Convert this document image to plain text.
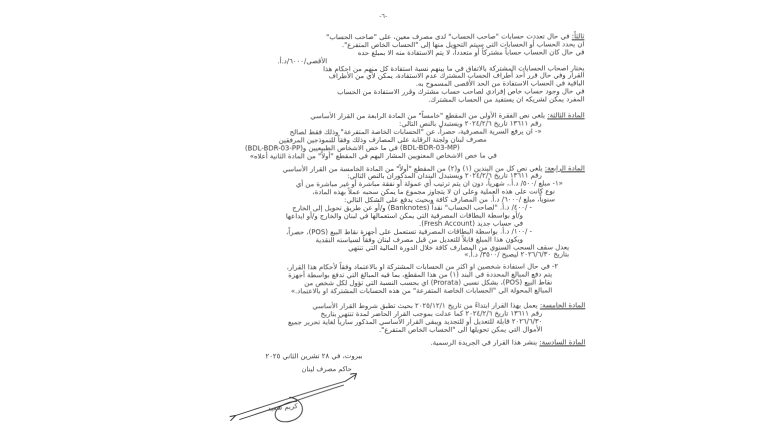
-٦-
ثالثاً: في حال تعددت حسابات "صاحب الحساب" لدى مصرف معين، على "صاحب الحساب"
ان يحدد الحساب أو الحسابات التي سيتم التحويل منها إلى "الحساب الخاص المتفرع".
في حال كان الحساب حساباً مشتركاً أو متعدداً، لا يتم الاستفادة منه الا بمبلغ حده
الأقصى/٦٠٠٠/د.أ.
يختار اصحاب الحسابات المشتركة بالاتفاق في ما بينهم نسبة استفادة كل منهم من احكام هذا
القرار وفي حال قرر أحد أطراف الحساب المشترك عدم الاستفادة، يمكن لأي من الأطراف
الباقية في الحساب الاستفادة من الحد الأقصى المسموح به.
في حال وجود حساب خاص إفرادي لصاحب حساب مشترك وقرر الاستفادة من الحساب
المفرد يمكن لشريكه ان يستفيد من الحساب المشترك.
المادة الثالثة: يلغى نص الفقرة الأولى من المقطع "خامساً" من المادة الرابعة من القرار الأساسي
رقم ١٣٦١١ تاريخ ٢٠٢٤/٢/٦ ويستبدل بالنص التالي:
«- ان يرفع السرية المصرفية، حصراً، عن "الحسابات الخاصة المتفرعة" وذلك فقط لصالح
مصرف لبنان ولجنة الرقابة على المصارف وذلك وفقاً للنموذجين المرفقين
(BDL-BDR-03-MP) في ما خص الاشخاص الطبيعيين و(BDL-BDR-03-PP)
في ما خص الاشخاص المعنويين المشار اليهم في المقطع "أولاً" من المادة الثانية أعلاه»
المادة الرابعة: يلغى نص كل من البندين (١) و(٢) من المقطع "أولاً" من المادة الخامسة من القرار الأساسي
رقم ١٣٦١١ تاريخ ٢٠٢٤/٢/٦ ويستبدل البندان المذكوران بالنص التالي:
«١- مبلغ /٥٠٠/ د.أ.، شهرياً، دون ان يتم ترتيب أي عمولة أو نفقة مباشرة أو غير مباشرة من أي
نوع كانت على هذه العملية وعلى ان لا يتجاوز مجموع ما يمكن سحبه عملاً بهذه المادة،
سنوياً، مبلغ /٦٠٠٠/ د.أ. من المصارف كافة وبحيث يدفع على الشكل التالي:
- /٤٠٠/ د.أ. "لصاحب الحساب" نقداً (Banknotes) و/أو عن طريق تحويل إلى الخارج
و/أو بواسطة البطاقات المصرفية التي يمكن استعمالها في لبنان والخارج و/أو ايداعها
في حساب جديد (Fresh Account).
- /١٠٠/ د.أ. بواسطة البطاقات المصرفية تستعمل على أجهزة نقاط البيع (POS)، حصراً،
ويكون هذا المبلغ قابلاً للتعديل من قبل مصرف لبنان وفقاً لسياسته النقدية
يعدل سقف السحب السنوي من المصارف كافة خلال الدورة المالية التي تنتهي
بتاريخ ٢٠٢٦/٦/٣٠ ليصبح /٣٥٠٠/ د.أ.»
٢- في حال استفادة شخصين او اكثر من الحسابات المشتركة او بالاعتماد وفقاً لأحكام هذا القرار،
يتم دفع المبالغ المحددة في البند (١) من هذا المقطع، بما فيه المبالغ التي تدفع بواسطة أجهزة
نقاط البيع (POS)، بشكل نسبي (Prorata) اي بحسب النسبة التي تؤول لكل شخص من
المبالغ المحولة الى "الحسابات الخاصة المتفرعة" من هذه الحسابات المشتركة او بالاعتماد.»
المادة الخامسة: يعمل بهذا القرار ابتداءً من تاريخ ٢٠٢٥/١٢/١ بحيث تطبق شروط القرار الأساسي
رقم ١٣٦١١ تاريخ ٢٠٢٤/٢/٦ كما عدلت بموجب القرار الحاضر لمدة تنتهي بتاريخ
٢٠٢٦/٦/٣٠ قابلة للتعديل أو للتجديد ويبقى القرار الأساسي المذكور سارياً لغاية تحرير جميع
الأموال التي يمكن تحويلها الى "الحساب الخاص المتفرع".
المادة السادسة: ينشر هذا القرار في الجريدة الرسمية.
بيروت، في ٢٨ تشرين الثاني ٢٠٢٥
حاكم مصرف لبنان
كريم سعيد
